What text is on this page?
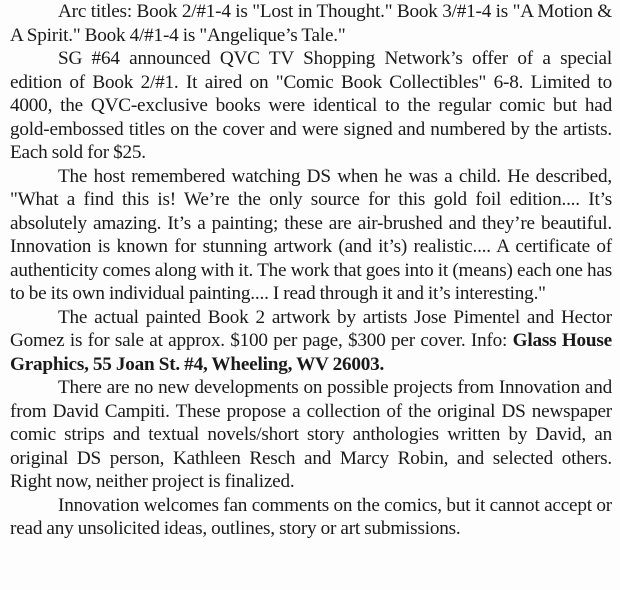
Arc titles: Book 2/#1-4 is "Lost in Thought." Book 3/#1-4 is "A Motion & A Spirit." Book 4/#1-4 is "Angelique’s Tale."

SG #64 announced QVC TV Shopping Network’s offer of a special edition of Book 2/#1. It aired on "Comic Book Collectibles" 6-8. Limited to 4000, the QVC-exclusive books were identical to the regular comic but had gold-embossed titles on the cover and were signed and numbered by the artists. Each sold for $25.

The host remembered watching DS when he was a child. He described, "What a find this is! We’re the only source for this gold foil edition.... It’s absolutely amazing. It’s a painting; these are air-brushed and they’re beautiful. Innovation is known for stunning artwork (and it’s) realistic.... A certificate of authenticity comes along with it. The work that goes into it (means) each one has to be its own individual painting.... I read through it and it’s interesting."

The actual painted Book 2 artwork by artists Jose Pimentel and Hector Gomez is for sale at approx. $100 per page, $300 per cover. Info: Glass House Graphics, 55 Joan St. #4, Wheeling, WV 26003.

There are no new developments on possible projects from Innovation and from David Campiti. These propose a collection of the original DS newspaper comic strips and textual novels/short story anthologies written by David, an original DS person, Kathleen Resch and Marcy Robin, and selected others. Right now, neither project is finalized.

Innovation welcomes fan comments on the comics, but it cannot accept or read any unsolicited ideas, outlines, story or art submissions.
